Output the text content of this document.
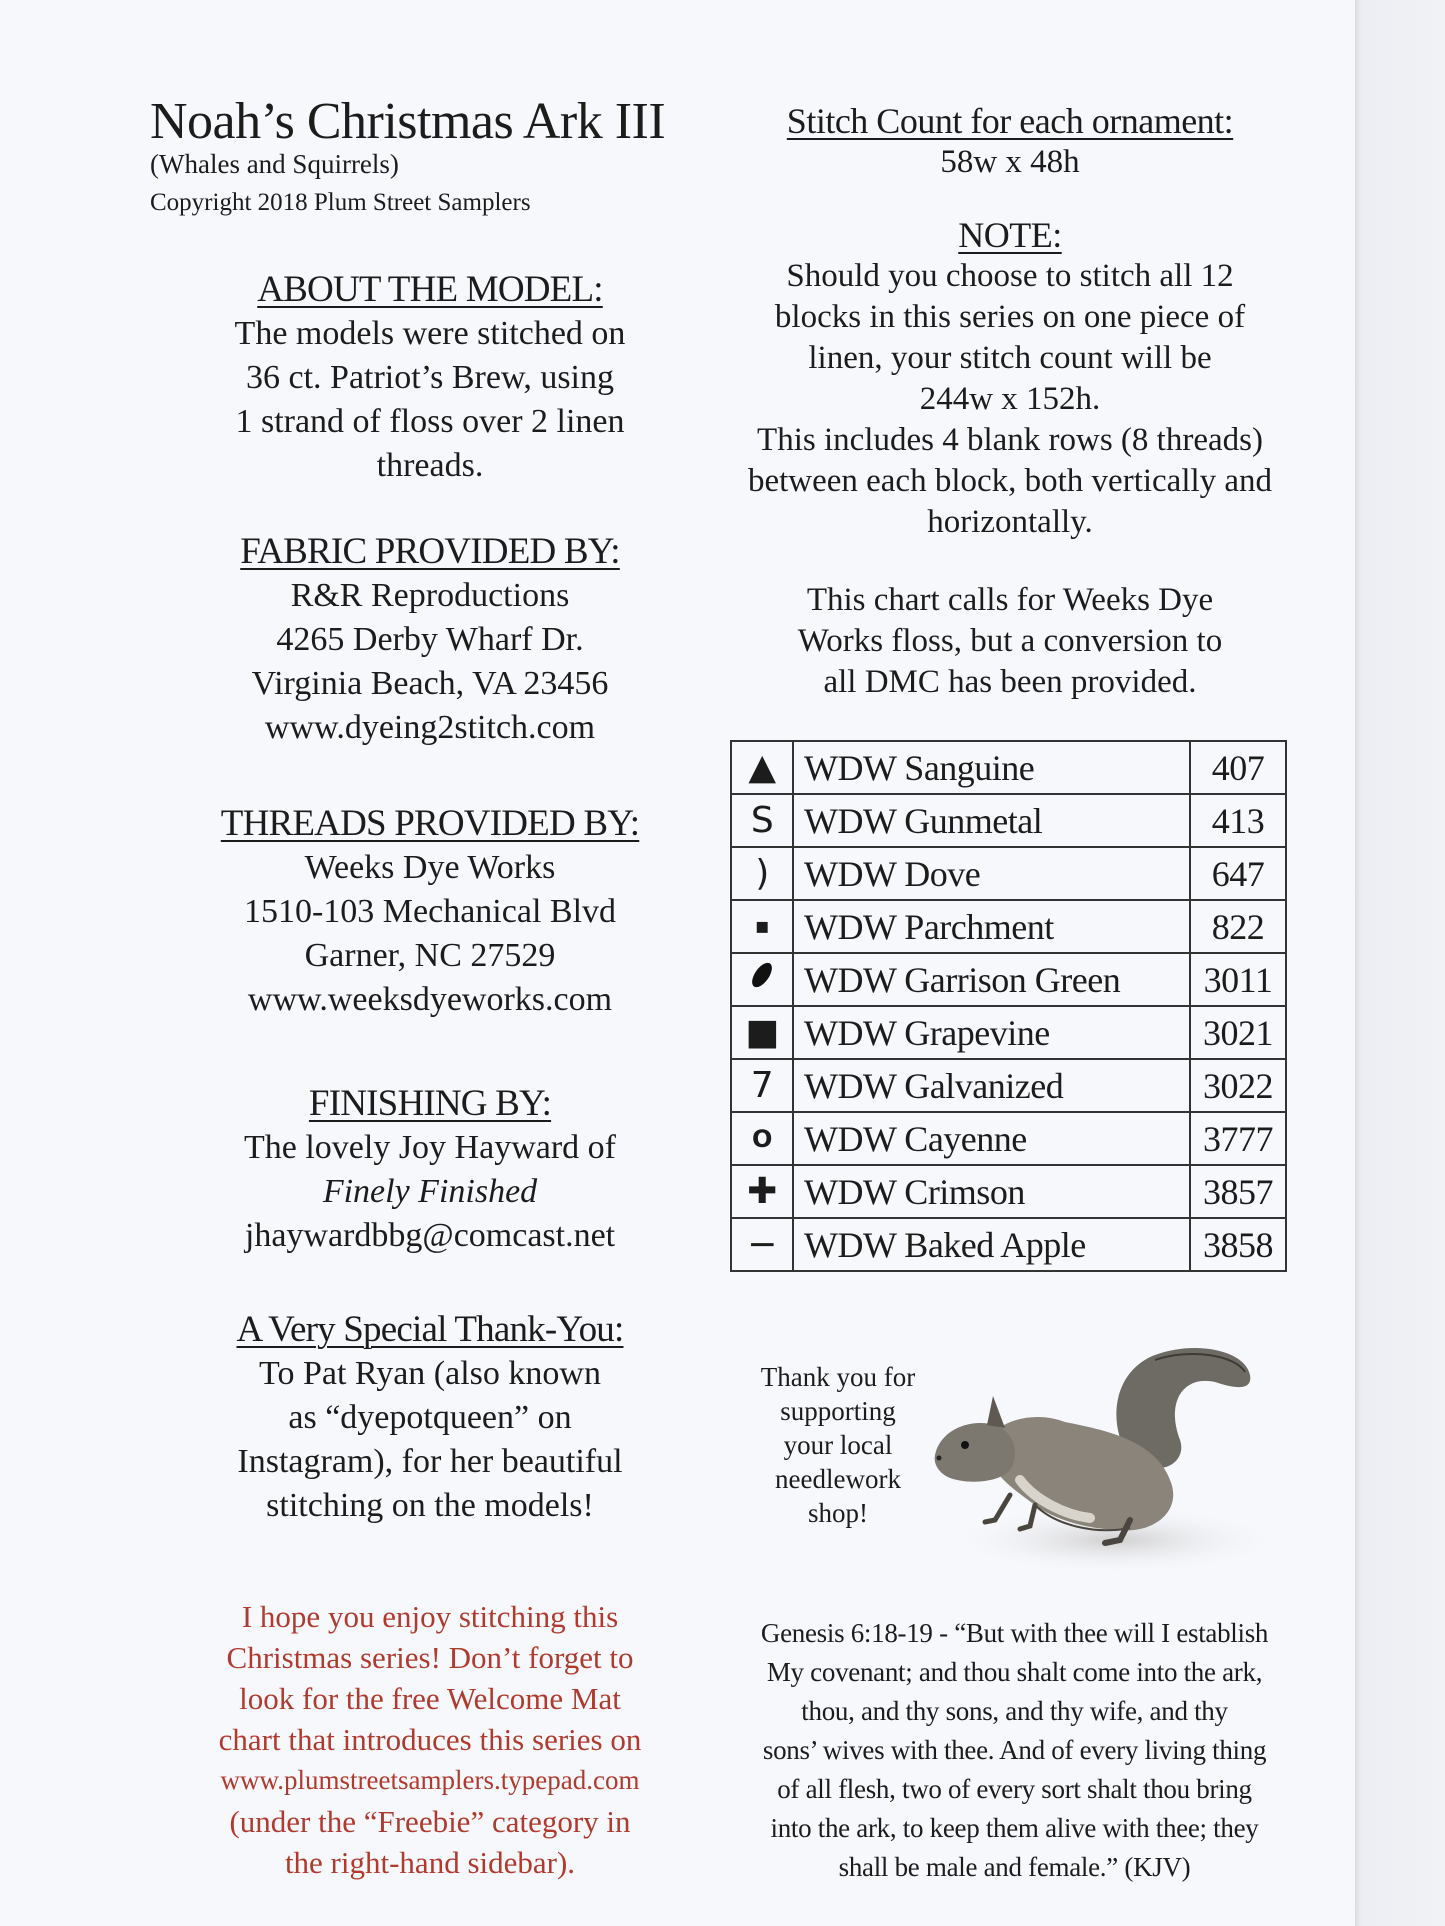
Noah’s Christmas Ark III
(Whales and Squirrels)
Copyright 2018 Plum Street Samplers
ABOUT THE MODEL:
The models were stitched on
36 ct. Patriot’s Brew, using
1 strand of floss over 2 linen
threads.
FABRIC PROVIDED BY:
R&R Reproductions
4265 Derby Wharf Dr.
Virginia Beach, VA 23456
www.dyeing2stitch.com
THREADS PROVIDED BY:
Weeks Dye Works
1510-103 Mechanical Blvd
Garner, NC 27529
www.weeksdyeworks.com
FINISHING BY:
The lovely Joy Hayward of
Finely Finished
jhaywardbbg@comcast.net
A Very Special Thank-You:
To Pat Ryan (also known
as “dyepotqueen” on
Instagram), for her beautiful
stitching on the models!
I hope you enjoy stitching this
Christmas series! Don’t forget to
look for the free Welcome Mat
chart that introduces this series on
www.plumstreetsamplers.typepad.com
(under the “Freebie” category in
the right-hand sidebar).
Stitch Count for each ornament:
58w x 48h
NOTE:
Should you choose to stitch all 12
blocks in this series on one piece of
linen, your stitch count will be
244w x 152h.
This includes 4 blank rows (8 threads)
between each block, both vertically and
horizontally.
This chart calls for Weeks Dye
Works floss, but a conversion to
all DMC has been provided.
▲	WDW Sanguine	407
S	WDW Gunmetal	413
)	WDW Dove	647
▪	WDW Parchment	822
	WDW Garrison Green	3011
■	WDW Grapevine	3021
7	WDW Galvanized	3022
O	WDW Cayenne	3777
✚	WDW Crimson	3857
−	WDW Baked Apple	3858
Thank you for
supporting
your local
needlework
shop!
Genesis 6:18-19 - “But with thee will I establish
My covenant; and thou shalt come into the ark,
thou, and thy sons, and thy wife, and thy
sons’ wives with thee. And of every living thing
of all flesh, two of every sort shalt thou bring
into the ark, to keep them alive with thee; they
shall be male and female.” (KJV)
